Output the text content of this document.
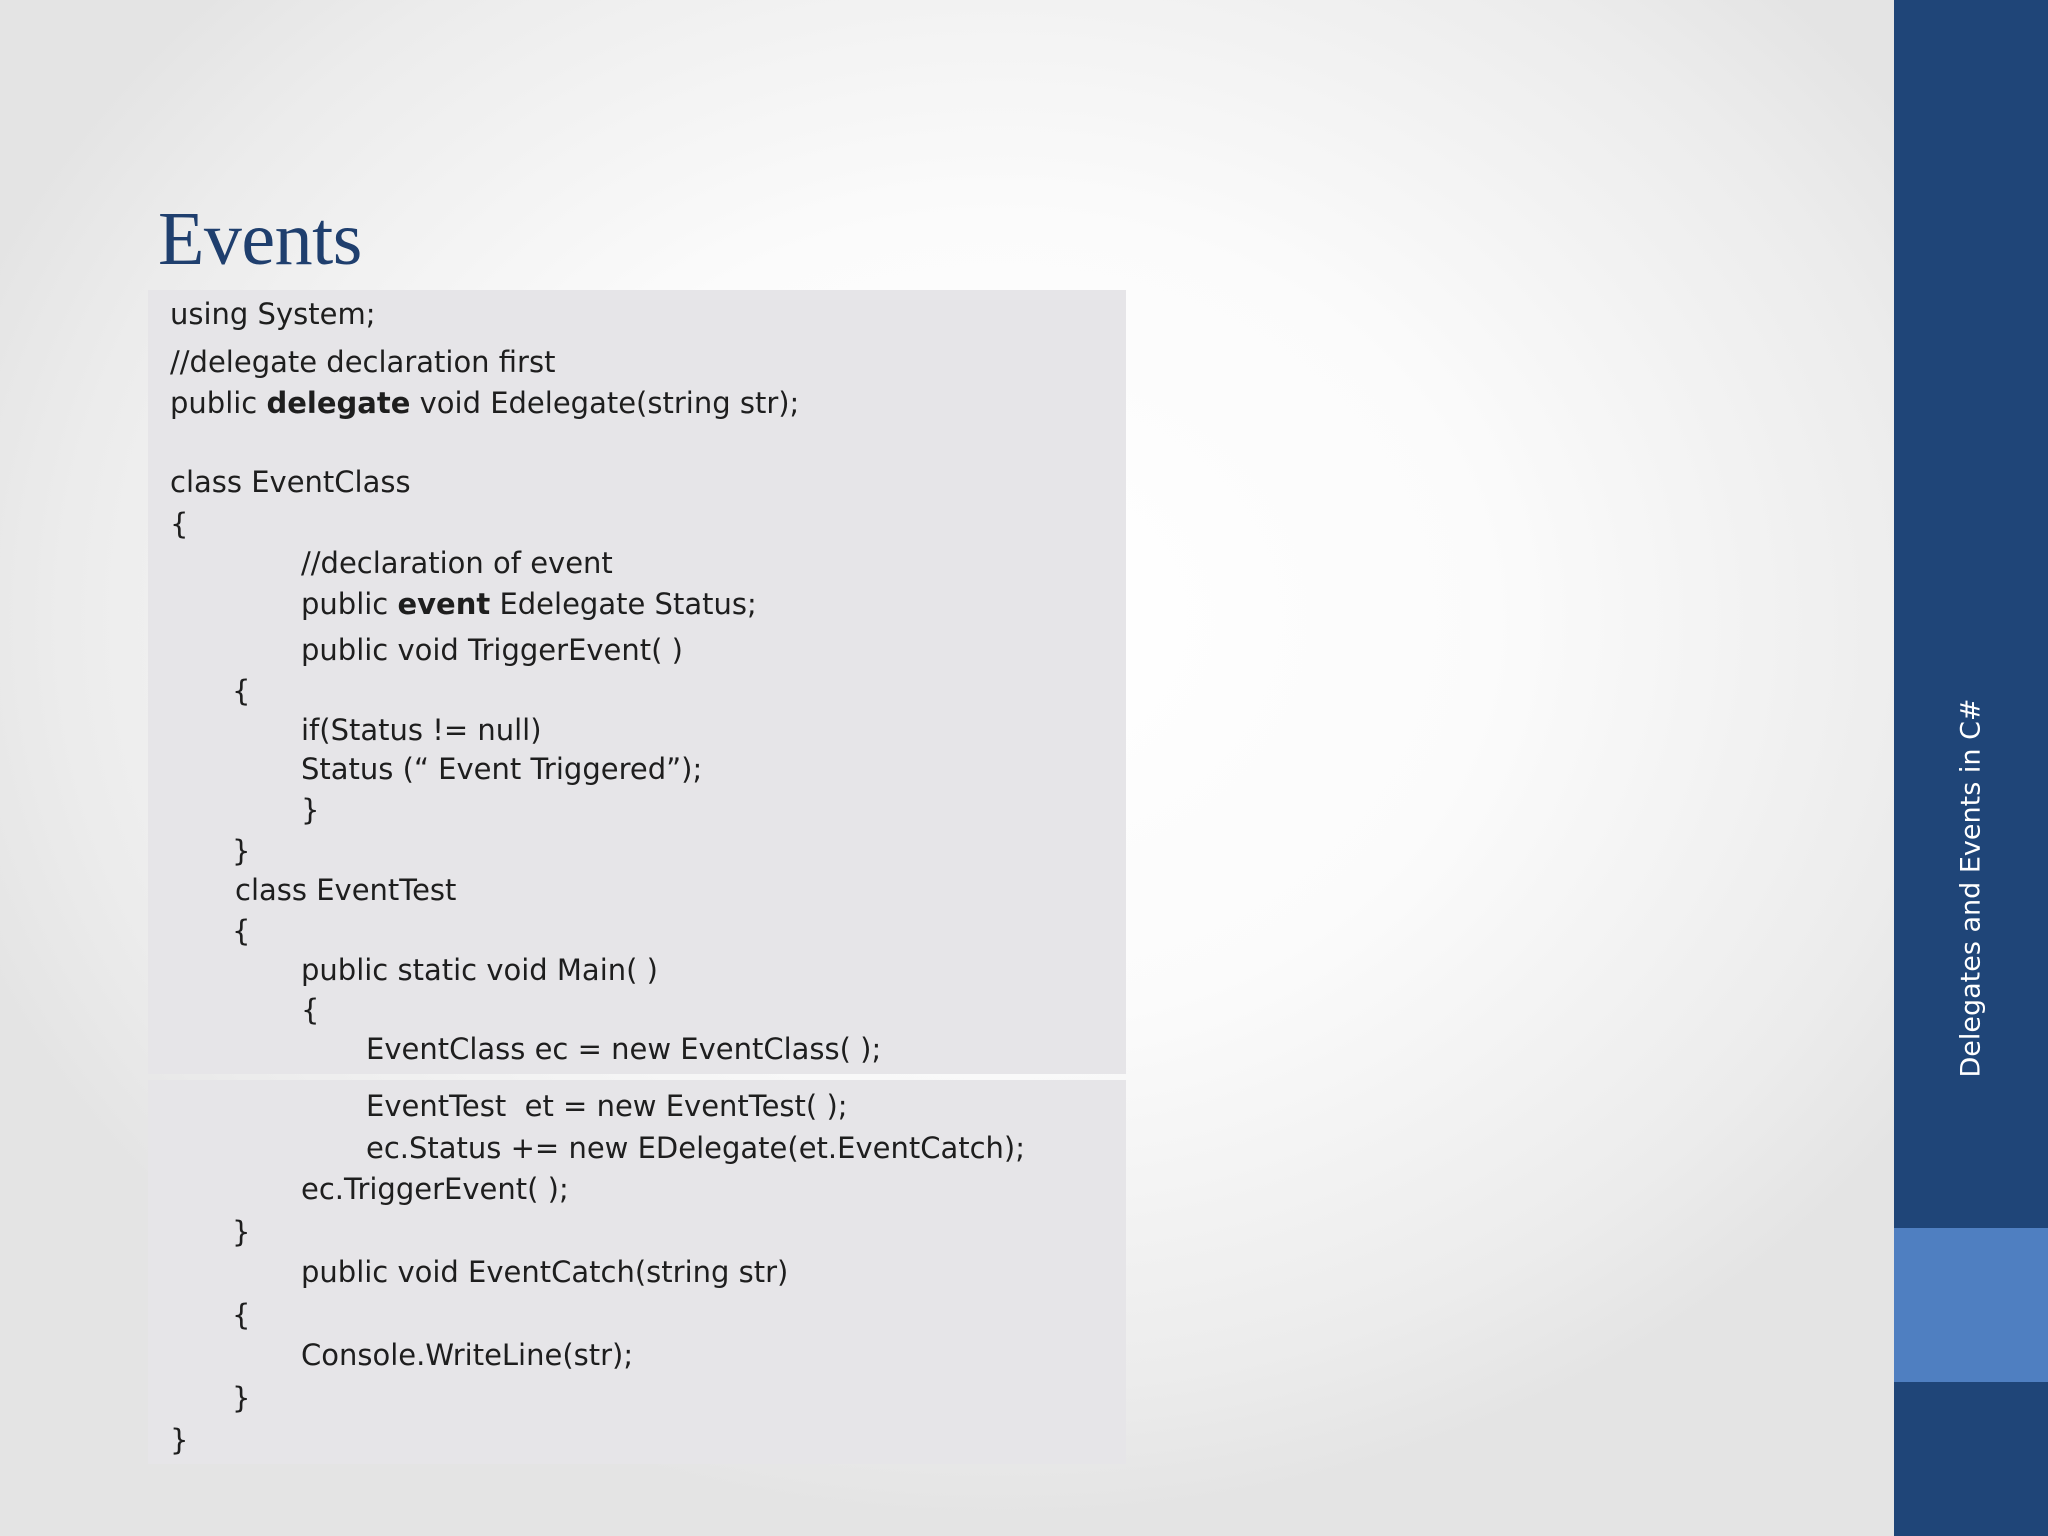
Events
using System;
//delegate declaration first
public delegate void Edelegate(string str);
class EventClass
{
//declaration of event
public event Edelegate Status;
public void TriggerEvent( )
{
if(Status != null)
Status (“ Event Triggered”);
}
}
class EventTest
{
public static void Main( )
{
EventClass ec = new EventClass( );
EventTest  et = new EventTest( );
ec.Status += new EDelegate(et.EventCatch);
ec.TriggerEvent( );
}
public void EventCatch(string str)
{
Console.WriteLine(str);
}
}
Delegates and Events in C#
